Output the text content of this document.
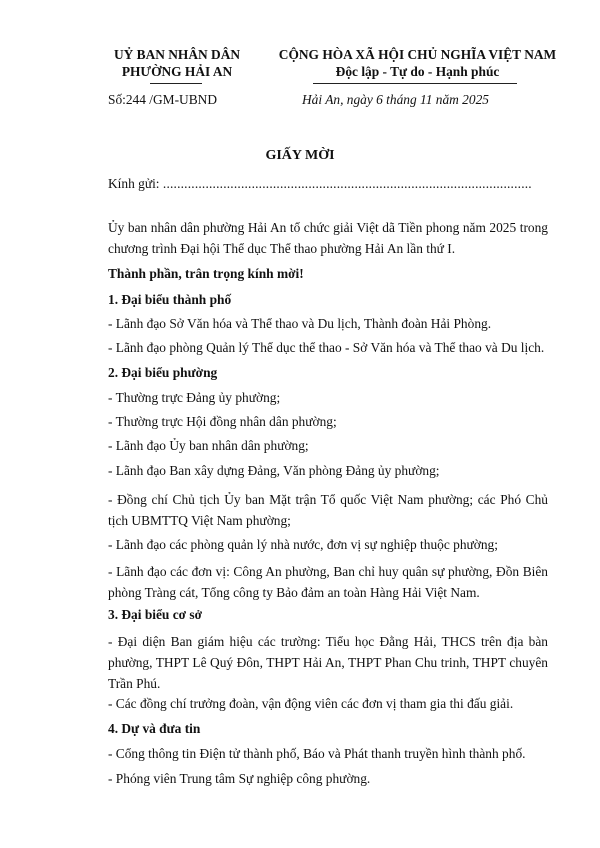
UỶ BAN NHÂN DÂN
PHƯỜNG HẢI AN
CỘNG HÒA XÃ HỘI CHỦ NGHĨA VIỆT NAM
Độc lập - Tự do - Hạnh phúc
Số:244 /GM-UBND	Hải An, ngày 6 tháng 11 năm 2025
GIẤY MỜI
Kính gửi: ........................................................................................................
Ủy ban nhân dân phường Hải An tổ chức giải Việt dã Tiền phong năm 2025 trong chương trình Đại hội Thể dục Thể thao phường Hải An lần thứ I.
Thành phần, trân trọng kính mời!
1. Đại biểu thành phố
- Lãnh đạo Sở Văn hóa và Thể thao và Du lịch, Thành đoàn Hải Phòng.
- Lãnh đạo phòng Quản lý Thể dục thể thao - Sở Văn hóa và Thể thao và Du lịch.
2. Đại biểu phường
- Thường trực Đảng ủy phường;
- Thường trực Hội đồng nhân dân phường;
- Lãnh đạo Ủy ban nhân dân phường;
- Lãnh đạo Ban xây dựng Đảng, Văn phòng Đảng ủy phường;
- Đồng chí Chủ tịch Ủy ban Mặt trận Tổ quốc Việt Nam phường; các Phó Chủ tịch UBMTTQ Việt Nam phường;
- Lãnh đạo các phòng quản lý nhà nước, đơn vị sự nghiệp thuộc phường;
- Lãnh đạo các đơn vị: Công An phường, Ban chỉ huy quân sự phường, Đồn Biên phòng Tràng cát, Tổng công ty Bảo đảm an toàn Hàng Hải Việt Nam.
3. Đại biểu cơ sở
- Đại diện Ban giám hiệu các trường: Tiểu học Đằng Hải, THCS trên địa bàn phường, THPT Lê Quý Đôn, THPT Hải An, THPT Phan Chu trinh, THPT chuyên Trần Phú.
- Các đồng chí trưởng đoàn, vận động viên các đơn vị tham gia thi đấu giải.
4. Dự và đưa tin
- Cổng thông tin Điện tử thành phố, Báo và Phát thanh truyền hình thành phố.
- Phóng viên Trung tâm Sự nghiệp công phường.
